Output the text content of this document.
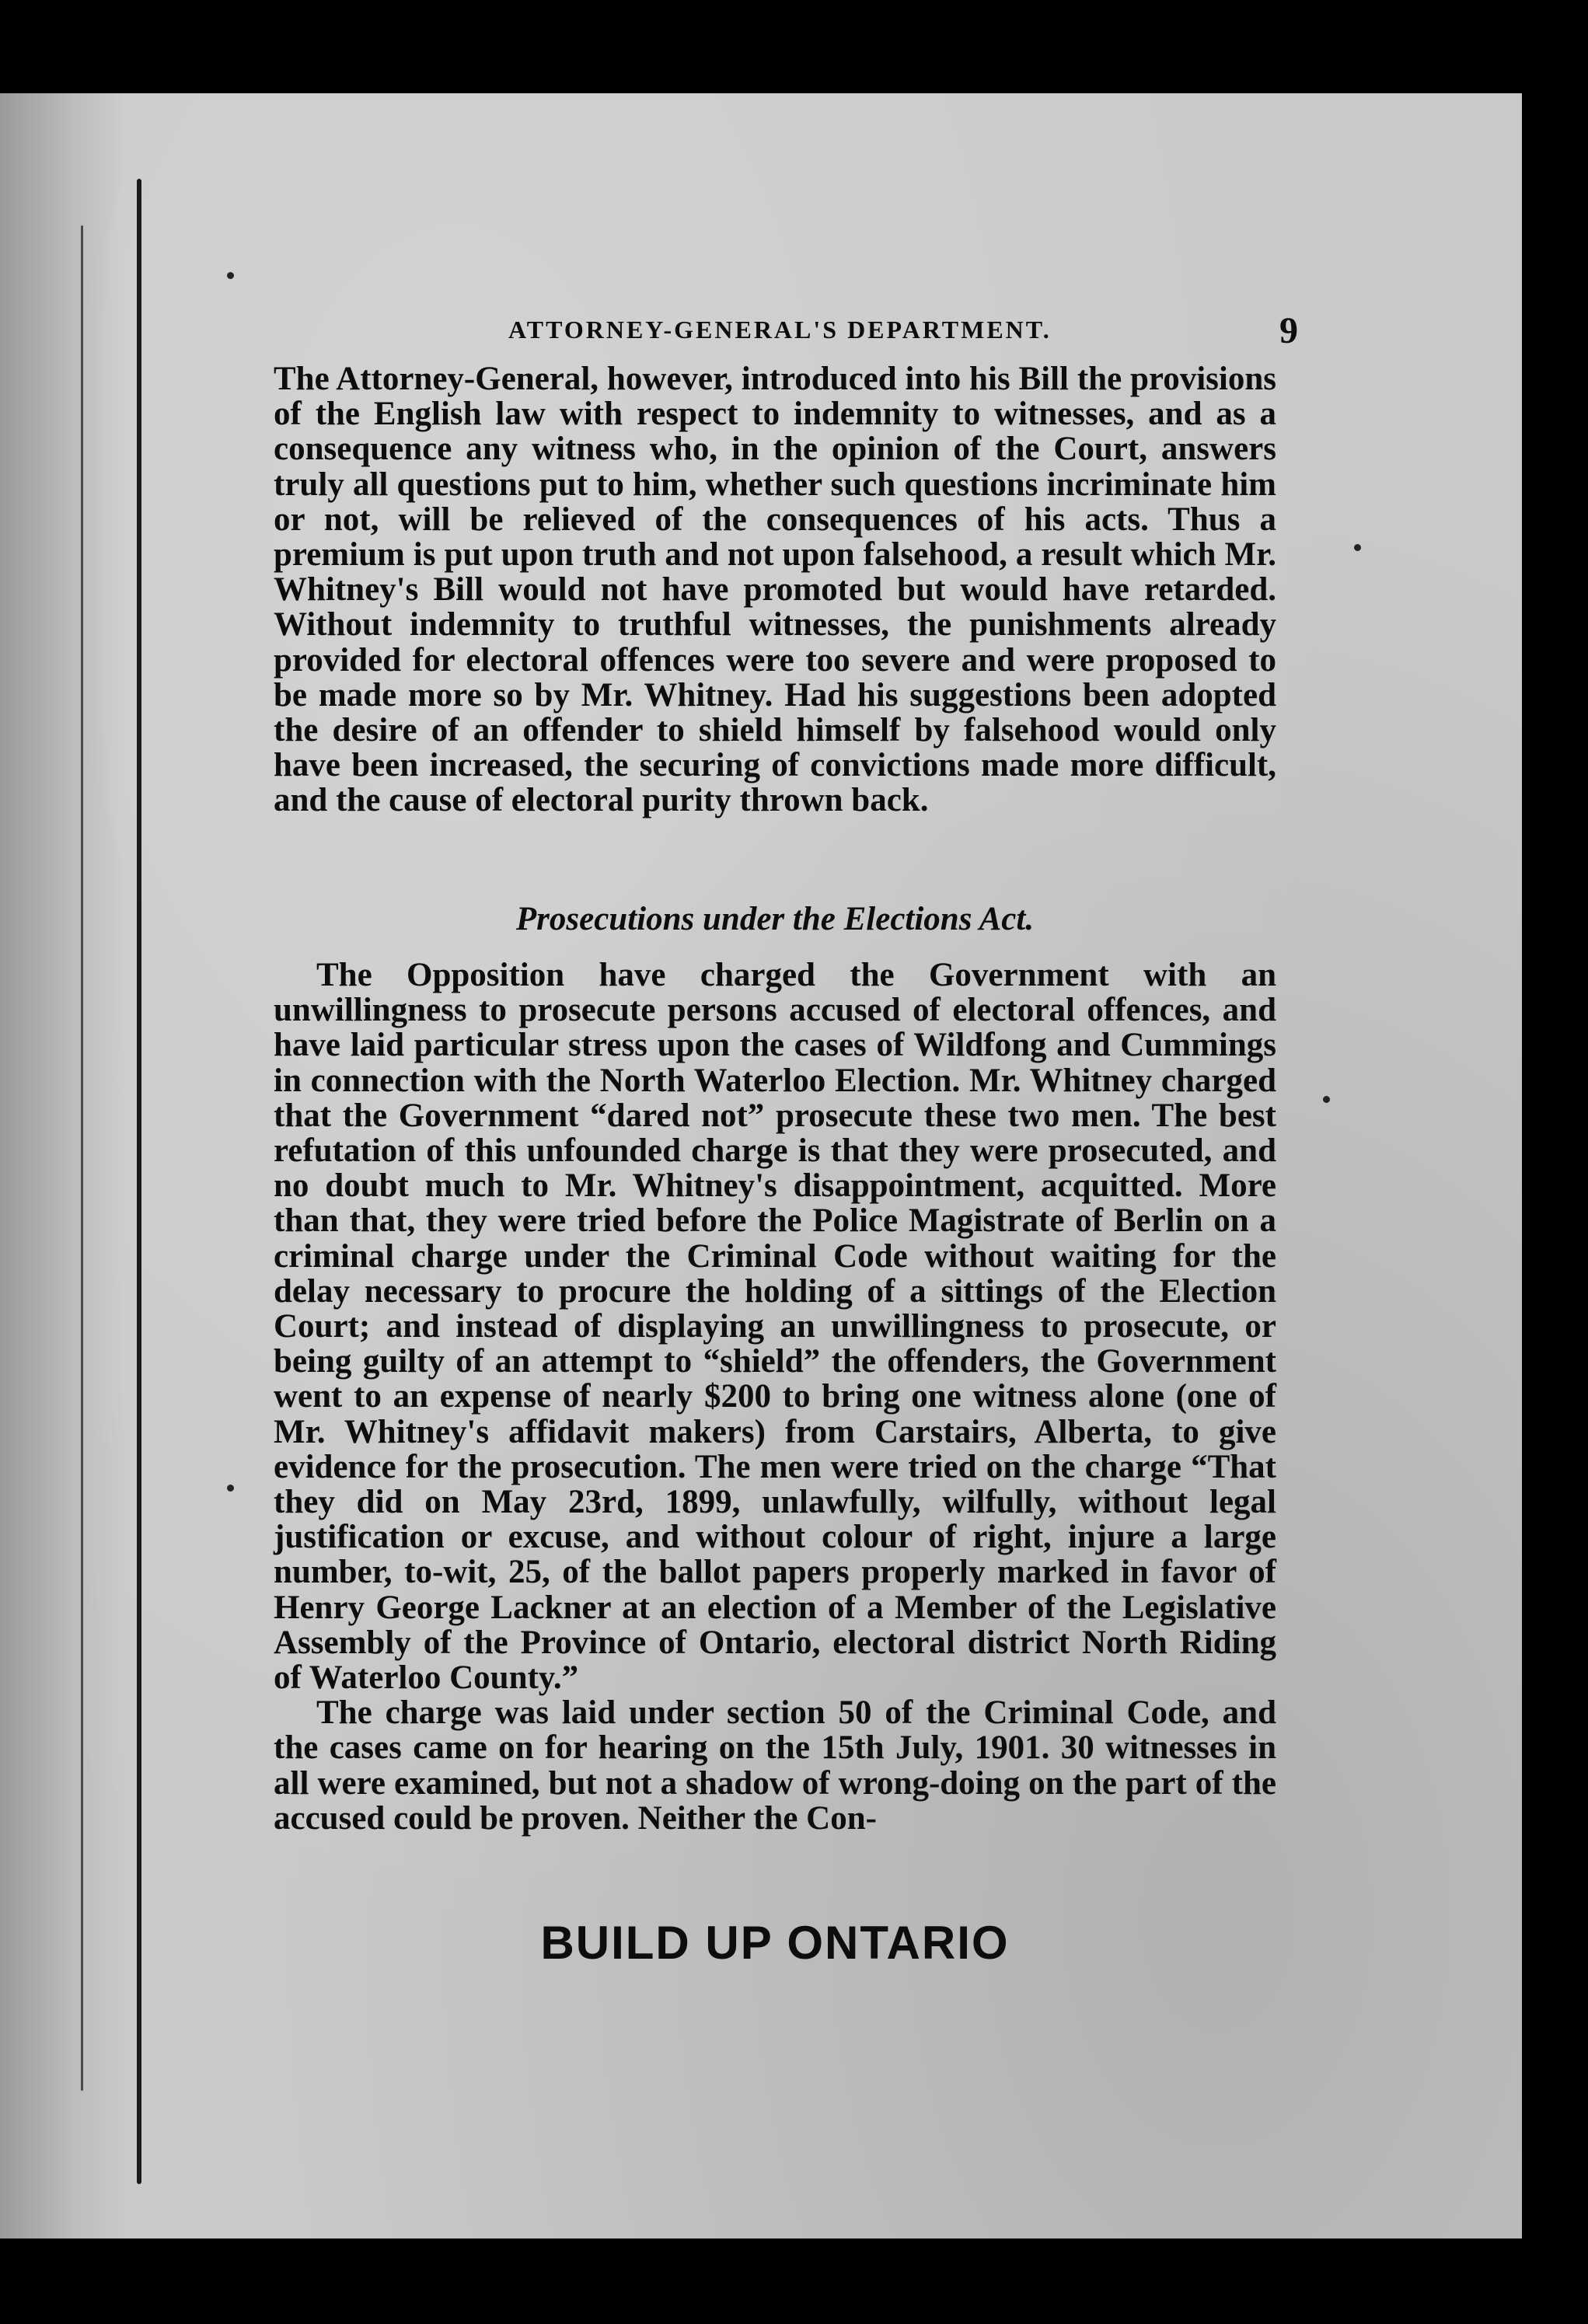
ATTORNEY-GENERAL'S DEPARTMENT.	9

The Attorney-General, however, introduced into his Bill the provisions of the English law with respect to indemnity to witnesses, and as a consequence any witness who, in the opinion of the Court, answers truly all questions put to him, whether such questions incriminate him or not, will be relieved of the consequences of his acts. Thus a premium is put upon truth and not upon falsehood, a result which Mr. Whitney's Bill would not have promoted but would have retarded. Without indemnity to truthful witnesses, the punishments already provided for electoral offences were too severe and were proposed to be made more so by Mr. Whitney. Had his suggestions been adopted the desire of an offender to shield himself by falsehood would only have been increased, the securing of convictions made more difficult, and the cause of electoral purity thrown back.

Prosecutions under the Elections Act.

The Opposition have charged the Government with an unwillingness to prosecute persons accused of electoral offences, and have laid particular stress upon the cases of Wildfong and Cummings in connection with the North Waterloo Election. Mr. Whitney charged that the Government “dared not” prosecute these two men. The best refutation of this unfounded charge is that they were prosecuted, and no doubt much to Mr. Whitney's disappointment, acquitted. More than that, they were tried before the Police Magistrate of Berlin on a criminal charge under the Criminal Code without waiting for the delay necessary to procure the holding of a sittings of the Election Court; and instead of displaying an unwillingness to prosecute, or being guilty of an attempt to “shield” the offenders, the Government went to an expense of nearly $200 to bring one witness alone (one of Mr. Whitney's affidavit makers) from Carstairs, Alberta, to give evidence for the prosecution. The men were tried on the charge “That they did on May 23rd, 1899, unlawfully, wilfully, without legal justification or excuse, and without colour of right, injure a large number, to-wit, 25, of the ballot papers properly marked in favor of Henry George Lackner at an election of a Member of the Legislative Assembly of the Province of Ontario, electoral district North Riding of Waterloo County.”

The charge was laid under section 50 of the Criminal Code, and the cases came on for hearing on the 15th July, 1901. 30 witnesses in all were examined, but not a shadow of wrong-doing on the part of the accused could be proven. Neither the Con-

BUILD UP ONTARIO
